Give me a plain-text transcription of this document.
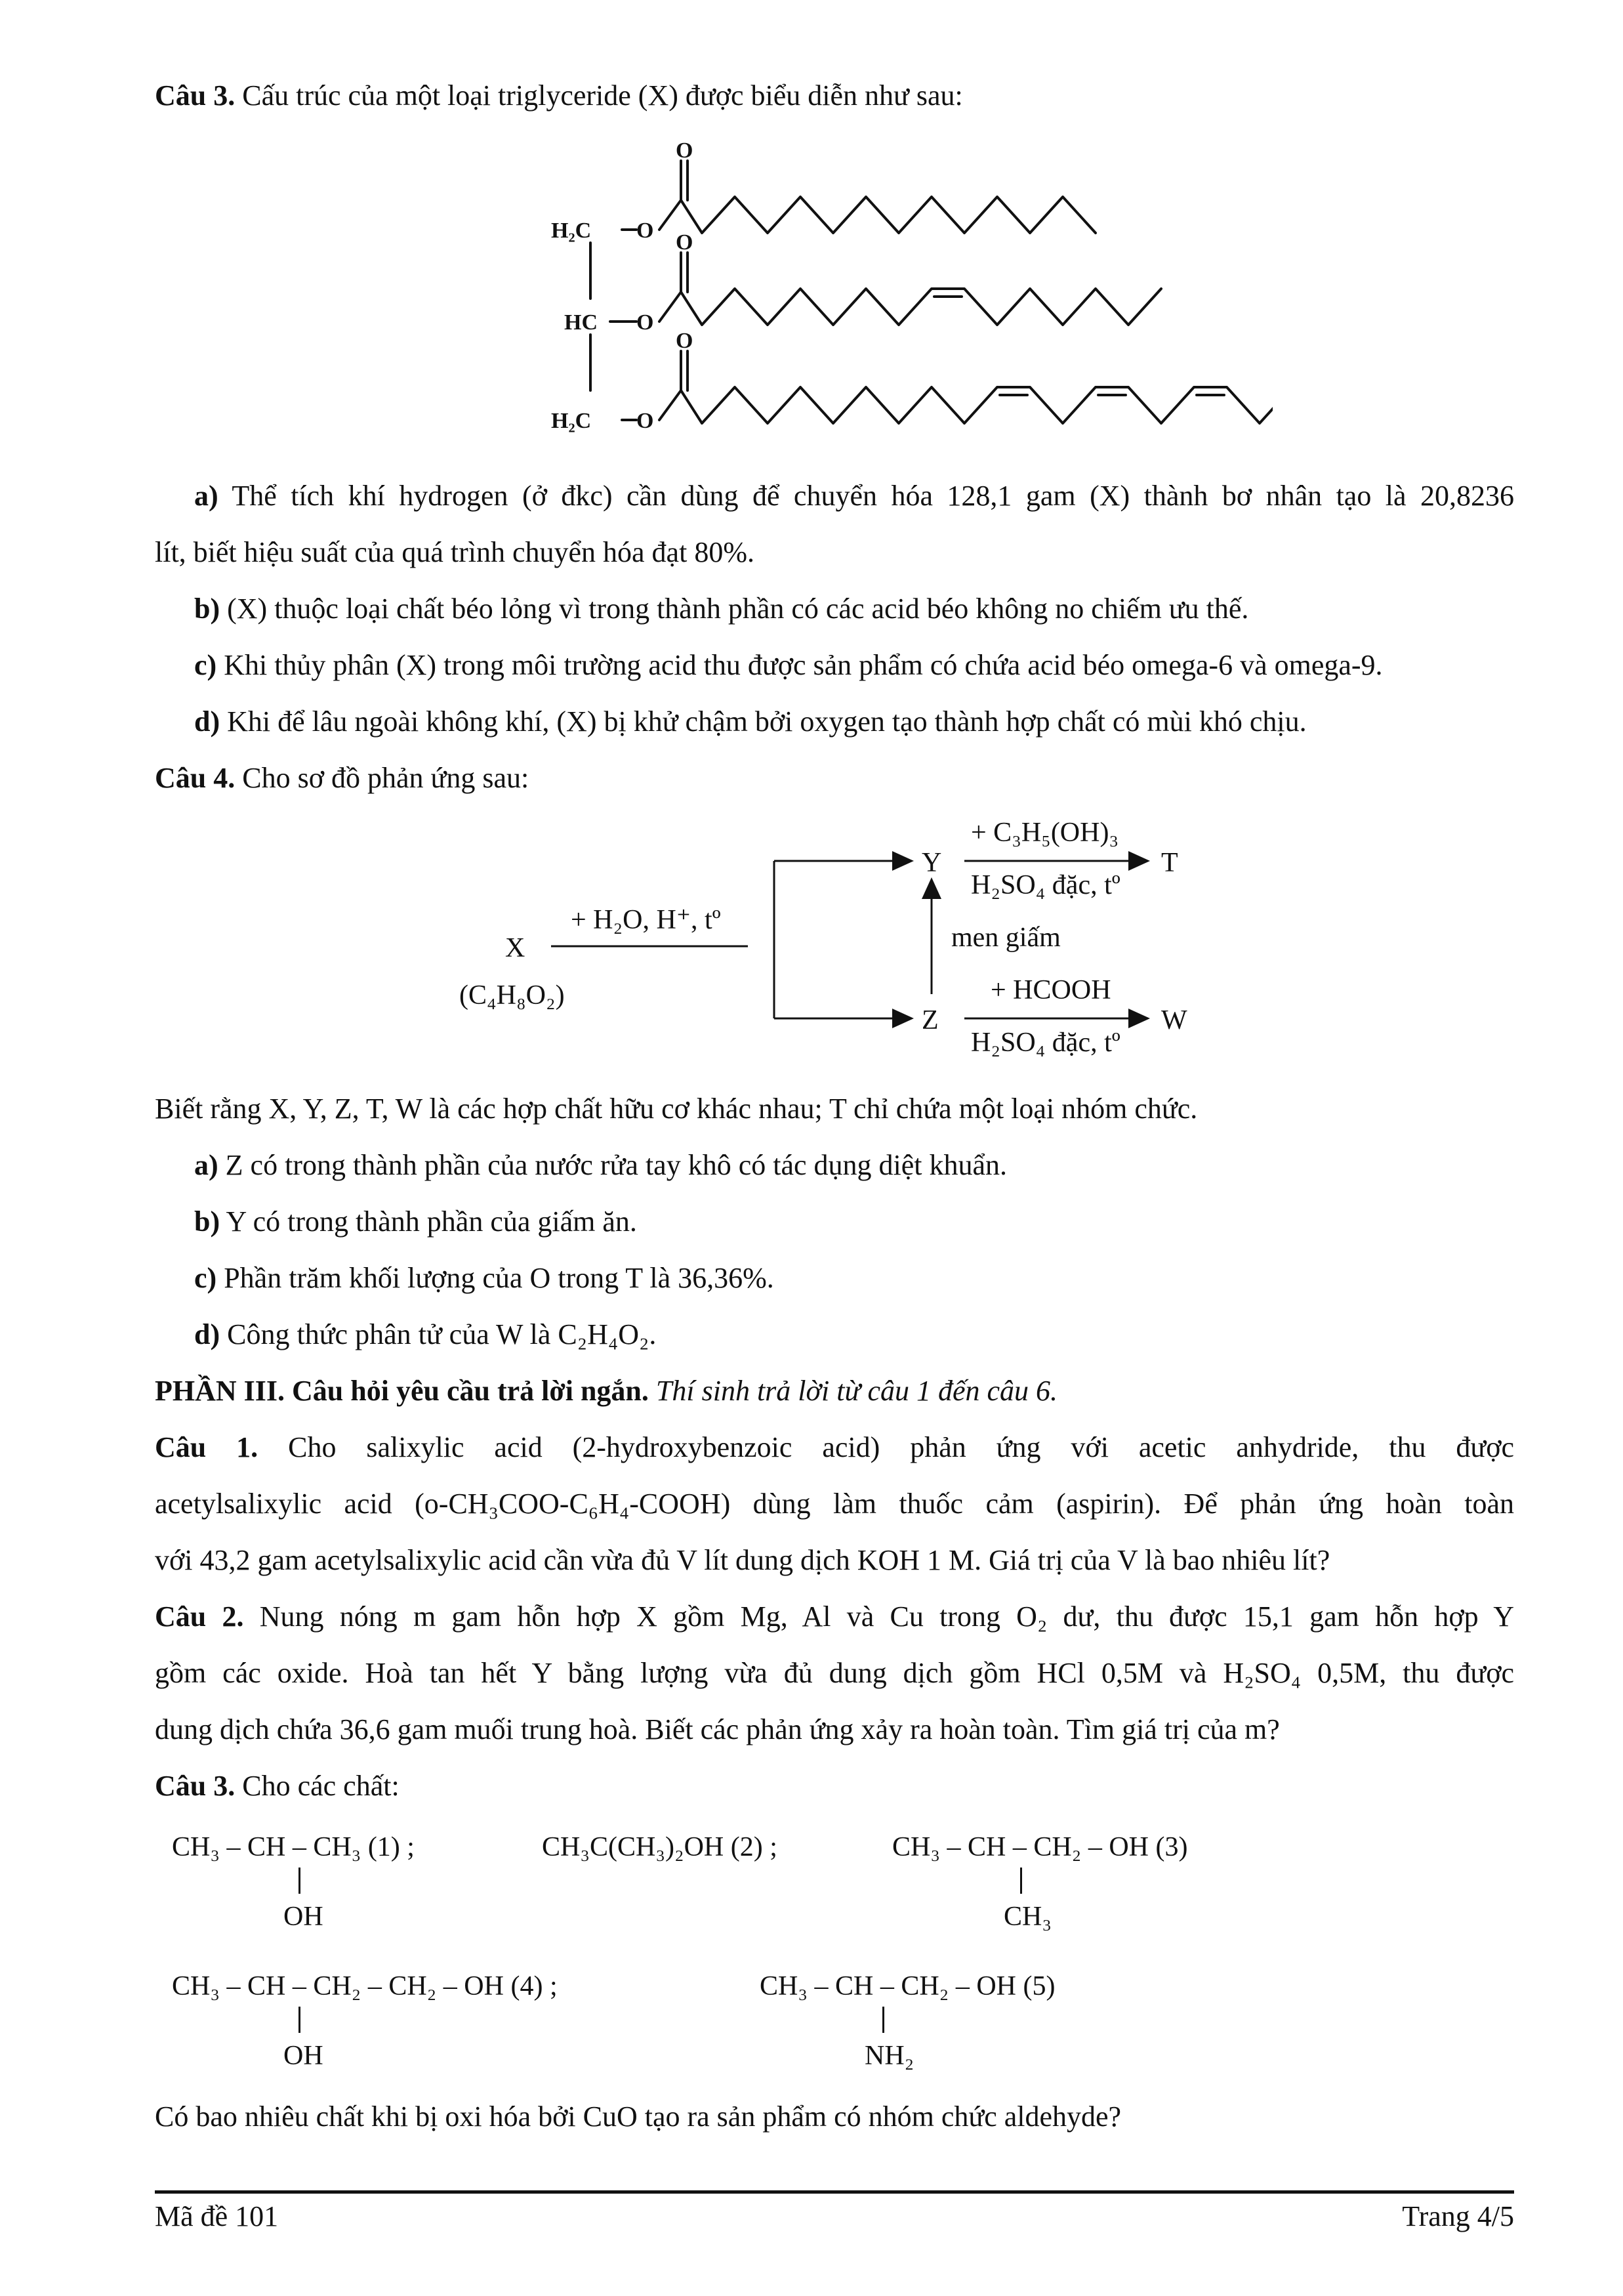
Câu 3. Cấu trúc của một loại triglyceride (X) được biểu diễn như sau:
H₂C O
O
HC O
O
H₂C O
O
a) Thể tích khí hydrogen (ở đkc) cần dùng để chuyển hóa 128,1 gam (X) thành bơ nhân tạo là 20,8236
lít, biết hiệu suất của quá trình chuyển hóa đạt 80%.
b) (X) thuộc loại chất béo lỏng vì trong thành phần có các acid béo không no chiếm ưu thế.
c) Khi thủy phân (X) trong môi trường acid thu được sản phẩm có chứa acid béo omega-6 và omega-9.
d) Khi để lâu ngoài không khí, (X) bị khử chậm bởi oxygen tạo thành hợp chất có mùi khó chịu.
Câu 4. Cho sơ đồ phản ứng sau:
X
(C₄H₈O₂)
+ H₂O, H⁺, tº
Y
Z
T
W
+ C₃H₅(OH)₃
H₂SO₄ đặc, tº
men giấm
+ HCOOH
H₂SO₄ đặc, tº
Biết rằng X, Y, Z, T, W là các hợp chất hữu cơ khác nhau; T chỉ chứa một loại nhóm chức.
a) Z có trong thành phần của nước rửa tay khô có tác dụng diệt khuẩn.
b) Y có trong thành phần của giấm ăn.
c) Phần trăm khối lượng của O trong T là 36,36%.
d) Công thức phân tử của W là C₂H₄O₂.
PHẦN III. Câu hỏi yêu cầu trả lời ngắn. Thí sinh trả lời từ câu 1 đến câu 6.
Câu 1. Cho salixylic acid (2-hydroxybenzoic acid) phản ứng với acetic anhydride, thu được
acetylsalixylic acid (o-CH₃COO-C₆H₄-COOH) dùng làm thuốc cảm (aspirin). Để phản ứng hoàn toàn
với 43,2 gam acetylsalixylic acid cần vừa đủ V lít dung dịch KOH 1 M. Giá trị của V là bao nhiêu lít?
Câu 2. Nung nóng m gam hỗn hợp X gồm Mg, Al và Cu trong O₂ dư, thu được 15,1 gam hỗn hợp Y
gồm các oxide. Hoà tan hết Y bằng lượng vừa đủ dung dịch gồm HCl 0,5M và H₂SO₄ 0,5M, thu được
dung dịch chứa 36,6 gam muối trung hoà. Biết các phản ứng xảy ra hoàn toàn. Tìm giá trị của m?
Câu 3. Cho các chất:
CH₃ – CH – CH₃ (1) ;
OH
CH₃C(CH₃)₂OH (2) ;	CH₃ – CH – CH₂ – OH (3)
CH₃
CH₃ – CH – CH₂ – CH₂ – OH (4) ;
OH
CH₃ – CH – CH₂ – OH (5)
NH₂
Có bao nhiêu chất khi bị oxi hóa bởi CuO tạo ra sản phẩm có nhóm chức aldehyde?
Mã đề 101	Trang 4/5
